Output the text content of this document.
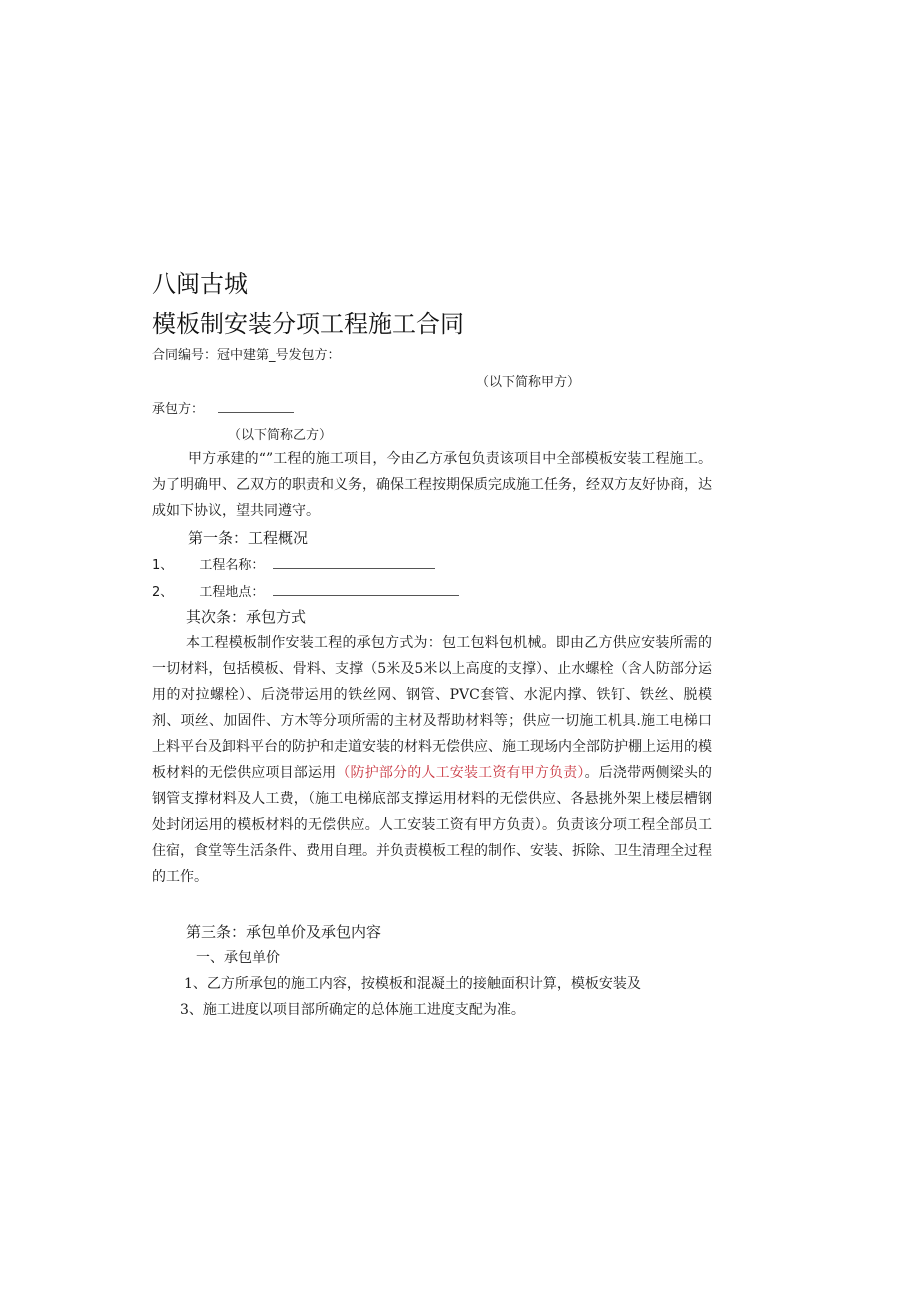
八闽古城
模板制安装分项工程施工合同
合同编号：冠中建第_号发包方：
（以下简称甲方）
承包方：
（以下简称乙方）
甲方承建的“”工程的施工项目，今由乙方承包负责该项目中全部模板安装工程施工。为了明确甲、乙双方的职责和义务，确保工程按期保质完成施工任务，经双方友好协商，达成如下协议，望共同遵守。
第一条：工程概况
1、 工程名称：
2、 工程地点：
其次条：承包方式
本工程模板制作安装工程的承包方式为：包工包料包机械。即由乙方供应安装所需的一切材料，包括模板、骨料、支撑（5米及5米以上高度的支撑）、止水螺栓（含人防部分运用的对拉螺栓）、后浇带运用的铁丝网、钢管、PVC套管、水泥内撑、铁钉、铁丝、脱模剂、项丝、加固件、方木等分项所需的主材及帮助材料等；供应一切施工机具.施工电梯口上料平台及卸料平台的防护和走道安装的材料无偿供应、施工现场内全部防护棚上运用的模板材料的无偿供应项目部运用（防护部分的人工安装工资有甲方负责）。后浇带两侧梁头的钢管支撑材料及人工费，（施工电梯底部支撑运用材料的无偿供应、各悬挑外架上楼层槽钢处封闭运用的模板材料的无偿供应。人工安装工资有甲方负责）。负责该分项工程全部员工住宿，食堂等生活条件、费用自理。并负责模板工程的制作、安装、拆除、卫生清理全过程的工作。
第三条：承包单价及承包内容
一、承包单价
1、乙方所承包的施工内容，按模板和混凝土的接触面积计算，模板安装及
3、施工进度以项目部所确定的总体施工进度支配为准。
